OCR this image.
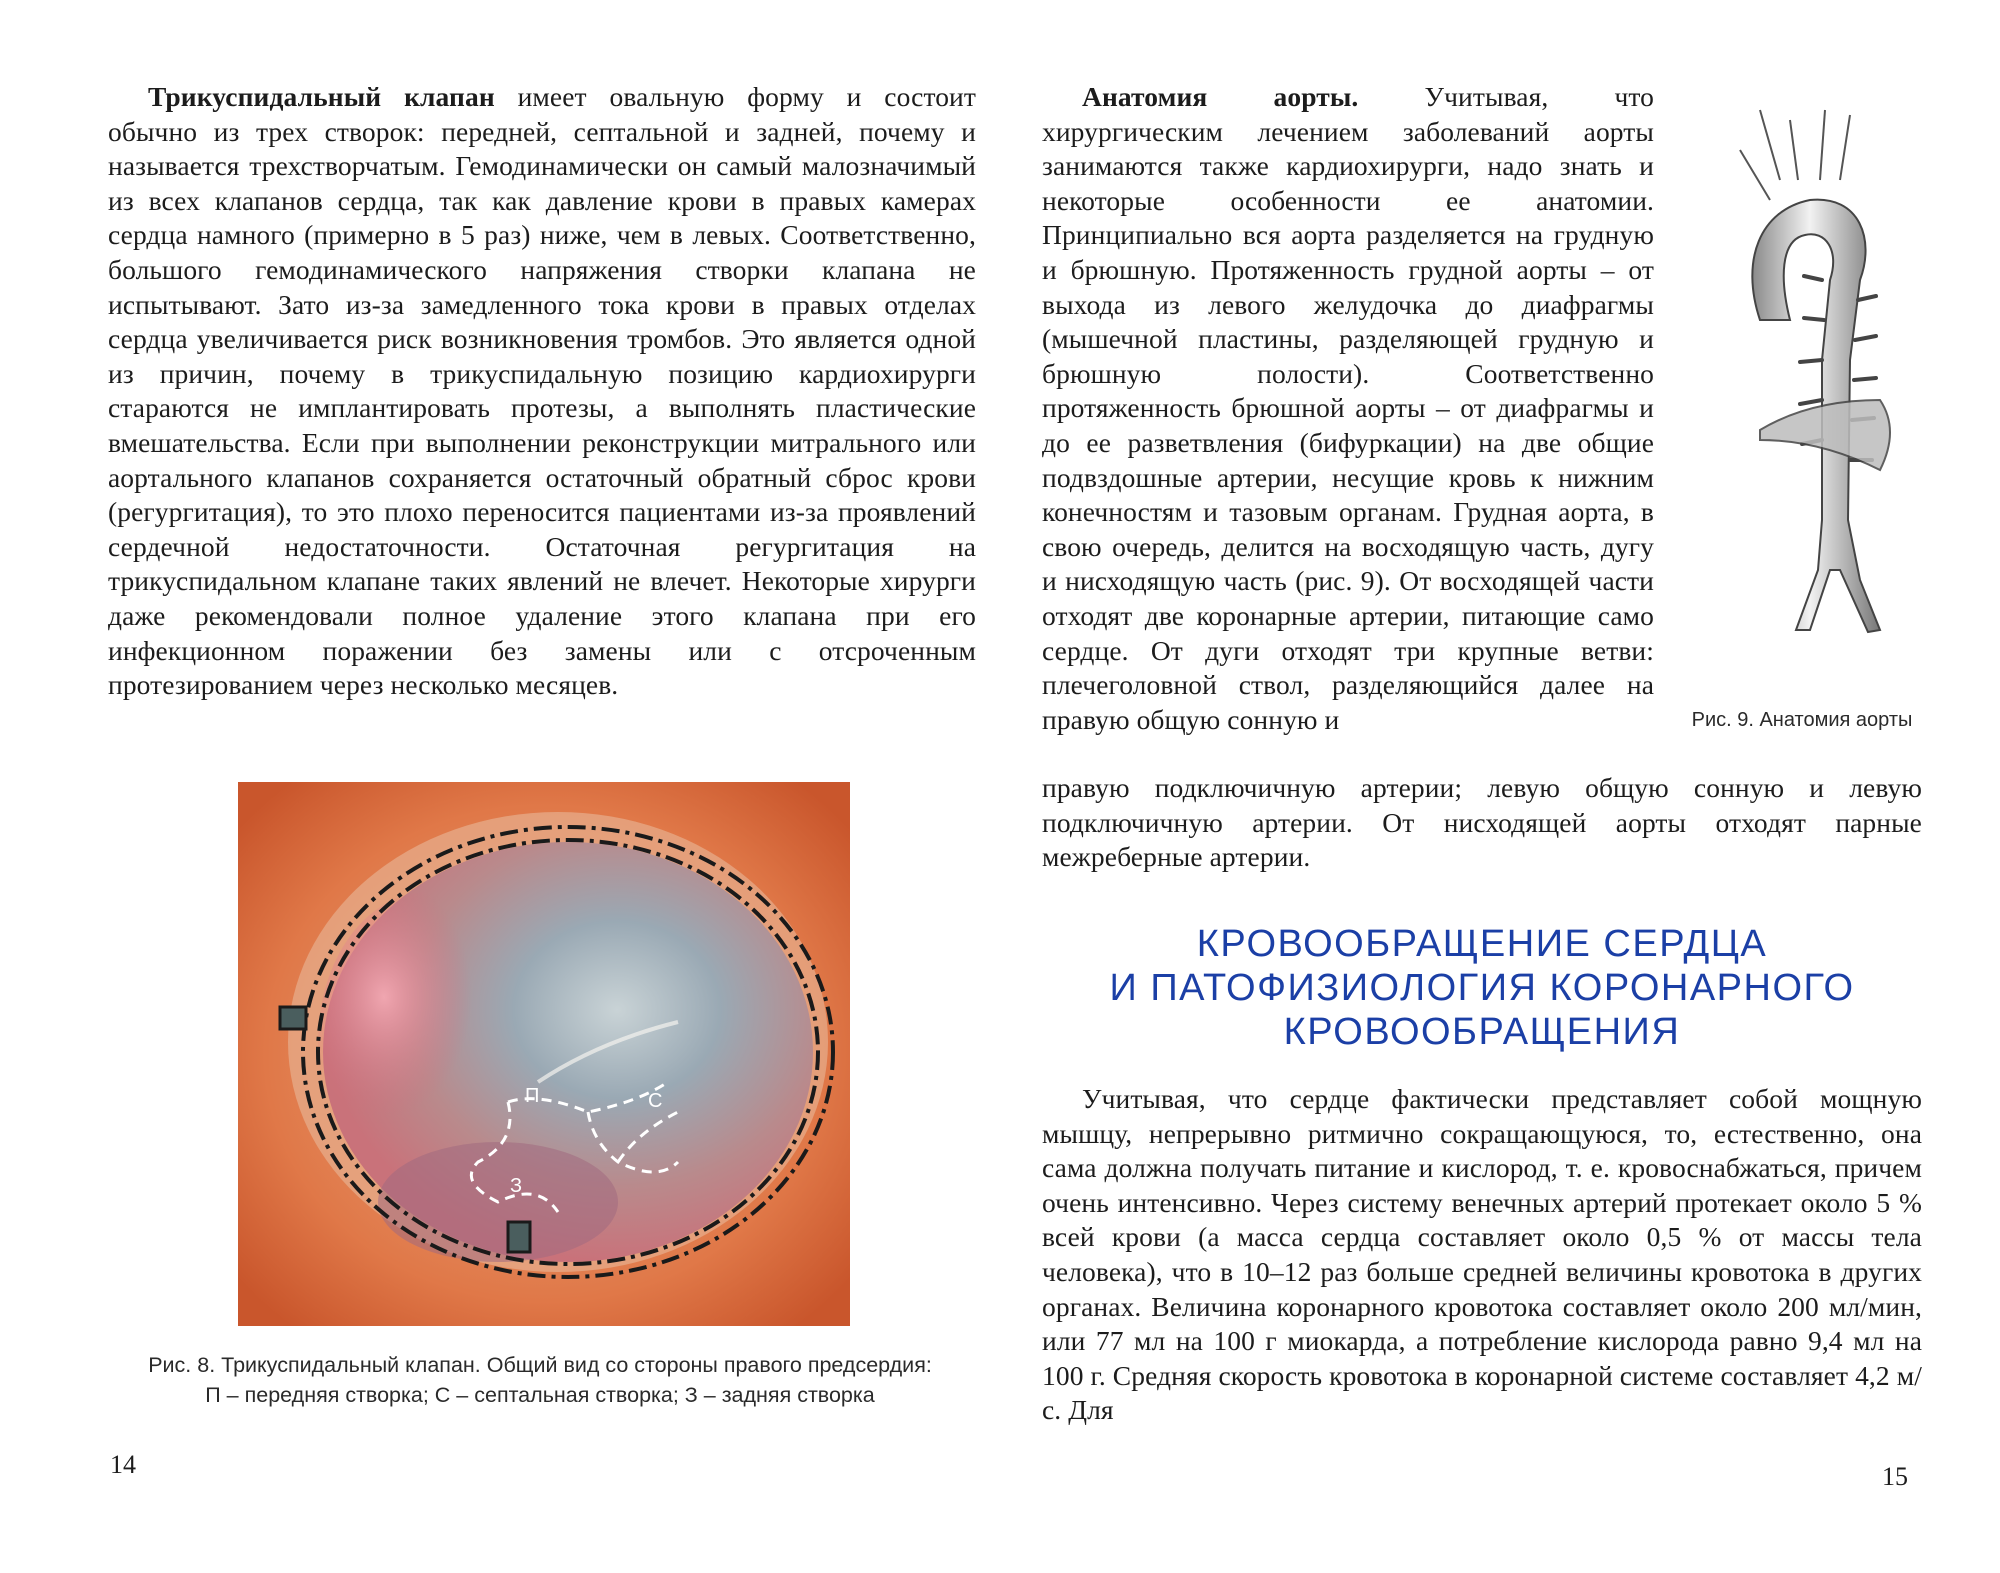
Трикуспидальный клапан имеет овальную форму и состоит обычно из трех створок: передней, септальной и задней, почему и называется трехстворчатым. Гемодинамически он самый малозначимый из всех клапанов сердца, так как давление крови в правых камерах сердца намного (примерно в 5 раз) ниже, чем в левых. Соответственно, большого гемодинамического напряжения створки клапана не испытывают. Зато из-за замедленного тока крови в правых отделах сердца увеличивается риск возникновения тромбов. Это является одной из причин, почему в трикуспидальную позицию кардиохирурги стараются не имплантировать протезы, а выполнять пластические вмешательства. Если при выполнении реконструкции митрального или аортального клапанов сохраняется остаточный обратный сброс крови (регургитация), то это плохо переносится пациентами из-за проявлений сердечной недостаточности. Остаточная регургитация на трикуспидальном клапане таких явлений не влечет. Некоторые хирурги даже рекомендовали полное удаление этого клапана при его инфекционном поражении без замены или с отсроченным протезированием через несколько месяцев.

П	С
З
Рис. 8. Трикуспидальный клапан. Общий вид со стороны правого предсердия:
П – передняя створка; С – септальная створка; З – задняя створка
14

Анатомия аорты. Учитывая, что хирургическим лечением заболеваний аорты занимаются также кардиохирурги, надо знать и некоторые особенности ее анатомии. Принципиально вся аорта разделяется на грудную и брюшную. Протяженность грудной аорты – от выхода из левого желудочка до диафрагмы (мышечной пластины, разделяющей грудную и брюшную полости). Соответственно протяженность брюшной аорты – от диафрагмы и до ее разветвления (бифуркации) на две общие подвздошные артерии, несущие кровь к нижним конечностям и тазовым органам. Грудная аорта, в свою очередь, делится на восходящую часть, дугу и нисходящую часть (рис. 9). От восходящей части отходят две коронарные артерии, питающие само сердце. От дуги отходят три крупные ветви: плечеголовной ствол, разделяющийся далее на правую общую сонную и

правую подключичную артерии; левую общую сонную и левую подключичную артерии. От нисходящей аорты отходят парные межреберные артерии.

Рис. 9. Анатомия аорты
КРОВООБРАЩЕНИЕ СЕРДЦА
И ПАТОФИЗИОЛОГИЯ КОРОНАРНОГО
КРОВООБРАЩЕНИЯ

Учитывая, что сердце фактически представляет собой мощную мышцу, непрерывно ритмично сокращающуюся, то, естественно, она сама должна получать питание и кислород, т. е. кровоснабжаться, причем очень интенсивно. Через систему венечных артерий протекает около 5 % всей крови (а масса сердца составляет около 0,5 % от массы тела человека), что в 10–12 раз больше средней величины кровотока в других органах. Величина коронарного кровотока составляет около 200 мл/мин, или 77 мл на 100 г миокарда, а потребление кислорода равно 9,4 мл на 100 г. Средняя скорость кровотока в коронарной системе составляет 4,2 м/с. Для

15
